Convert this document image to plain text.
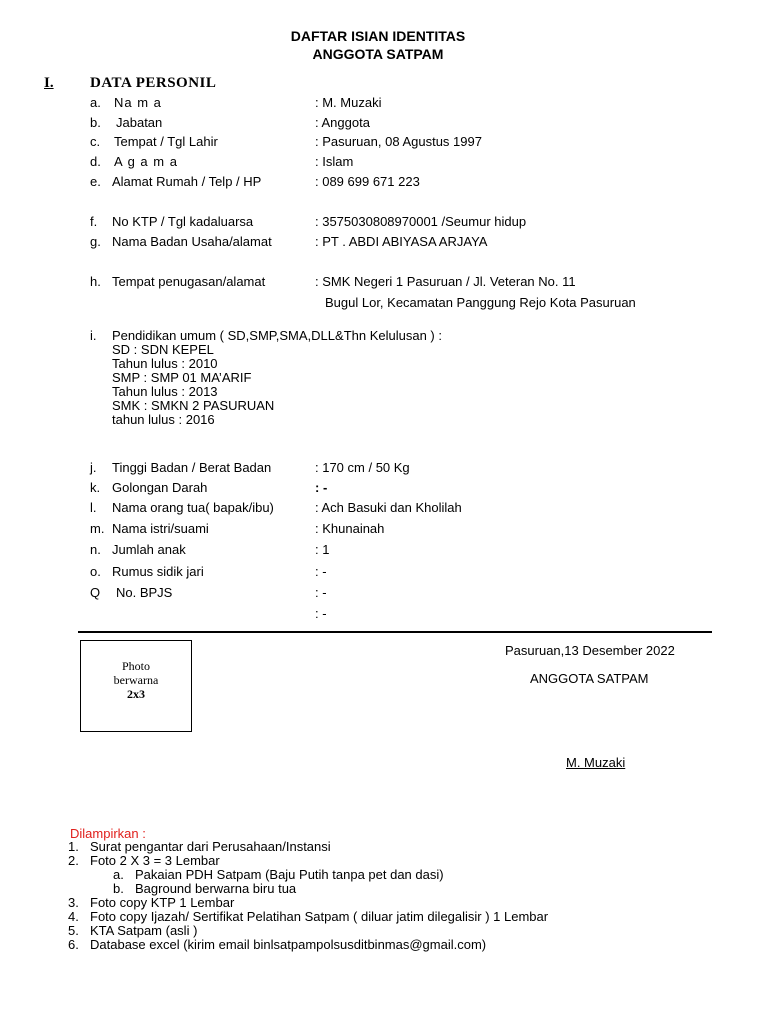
DAFTAR ISIAN IDENTITAS
ANGGOTA SATPAM
I. DATA PERSONIL
a. Na m a	: M. Muzaki
b. Jabatan	: Anggota
c. Tempat / Tgl Lahir	: Pasuruan, 08 Agustus 1997
d. A g a m a	: Islam
e. Alamat Rumah / Telp / HP	: 089 699 671 223
f. No KTP / Tgl kadaluarsa	: 3575030808970001 /Seumur hidup
g. Nama Badan Usaha/alamat	: PT . ABDI ABIYASA ARJAYA
h. Tempat penugasan/alamat	: SMK Negeri 1 Pasuruan / Jl. Veteran No. 11
Bugul Lor, Kecamatan Panggung Rejo Kota Pasuruan
i. Pendidikan umum ( SD,SMP,SMA,DLL&Thn Kelulusan ) :
SD : SDN KEPEL
Tahun lulus : 2010
SMP : SMP 01 MA’ARIF
Tahun lulus : 2013
SMK : SMKN 2 PASURUAN
tahun lulus : 2016
j. Tinggi Badan / Berat Badan	: 170 cm / 50 Kg
k. Golongan Darah	: -
l. Nama orang tua( bapak/ibu)	: Ach Basuki dan Kholilah
m. Nama istri/suami	: Khunainah
n. Jumlah anak	: 1
o. Rumus sidik jari	: -
Q No. BPJS	: -
: -
Photo
berwarna
2x3
Pasuruan,13 Desember 2022
ANGGOTA SATPAM
M. Muzaki
Dilampirkan :
1. Surat pengantar dari Perusahaan/Instansi
2. Foto 2 X 3 = 3 Lembar
a. Pakaian PDH Satpam (Baju Putih tanpa pet dan dasi)
b. Baground berwarna biru tua
3. Foto copy KTP 1 Lembar
4. Foto copy Ijazah/ Sertifikat Pelatihan Satpam ( diluar jatim dilegalisir ) 1 Lembar
5. KTA Satpam (asli )
6. Database excel (kirim email binlsatpampolsusditbinmas@gmail.com)
